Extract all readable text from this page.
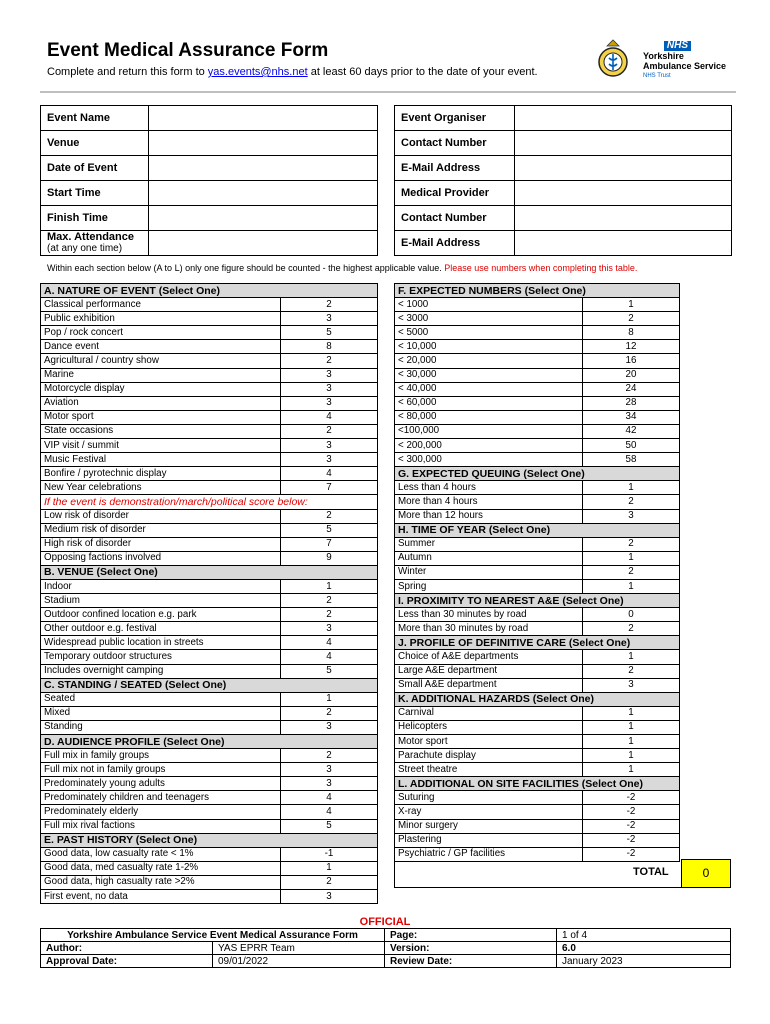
Event Medical Assurance Form
Complete and return this form to yas.events@nhs.net at least 60 days prior to the date of your event.
NHS
Yorkshire
Ambulance Service
NHS Trust
Event Name	
Venue	
Date of Event	
Start Time	
Finish Time	
Max. Attendance
(at any one time)	

Event Organiser	
Contact Number	
E-Mail Address	
Medical Provider	
Contact Number	
E-Mail Address	
Within each section below (A to L) only one figure should be counted - the highest applicable value. Please use numbers when completing this table.
A. NATURE OF EVENT (Select One)	
Classical performance	2
Public exhibition	3
Pop / rock concert	5
Dance event	8
Agricultural / country show	2
Marine	3
Motorcycle display	3
Aviation	3
Motor sport	4
State occasions	2
VIP visit / summit	3
Music Festival	3
Bonfire / pyrotechnic display	4
New Year celebrations	7
If the event is demonstration/march/political score below:	
Low risk of disorder	2
Medium risk of disorder	5
High risk of disorder	7
Opposing factions involved	9
B. VENUE (Select One)	
Indoor	1
Stadium	2
Outdoor confined location e.g. park	2
Other outdoor e.g. festival	3
Widespread public location in streets	4
Temporary outdoor structures	4
Includes overnight camping	5
C. STANDING / SEATED (Select One)	
Seated	1
Mixed	2
Standing	3
D. AUDIENCE PROFILE (Select One)	
Full mix in family groups	2
Full mix not in family groups	3
Predominately young adults	3
Predominately children and teenagers	4
Predominately elderly	4
Full mix rival factions	5
E. PAST HISTORY (Select One)	
Good data, low casualty rate < 1%	-1
Good data, med casualty rate 1-2%	1
Good data, high casualty rate >2%	2
First event, no data	3
F. EXPECTED NUMBERS (Select One)	
< 1000	1
< 3000	2
< 5000	8
< 10,000	12
< 20,000	16
< 30,000	20
< 40,000	24
< 60,000	28
< 80,000	34
<100,000	42
< 200,000	50
< 300,000	58
G. EXPECTED QUEUING (Select One)	
Less than 4 hours	1
More than 4 hours	2
More than 12 hours	3
H. TIME OF YEAR (Select One)	
Summer	2
Autumn	1
Winter	2
Spring	1
I. PROXIMITY TO NEAREST A&E (Select One)	
Less than 30 minutes by road	0
More than 30 minutes by road	2
J. PROFILE OF DEFINITIVE CARE (Select One)	
Choice of A&E departments	1
Large A&E department	2
Small A&E department	3
K. ADDITIONAL HAZARDS (Select One)	
Carnival	1
Helicopters	1
Motor sport	1
Parachute display	1
Street theatre	1
L. ADDITIONAL ON SITE FACILITIES (Select One)	
Suturing	-2
X-ray	-2
Minor surgery	-2
Plastering	-2
Psychiatric / GP facilities	-2
TOTAL	0
OFFICIAL
Yorkshire Ambulance Service Event Medical Assurance Form		Page:	1 of 4
Author:	YAS EPRR Team	Version:	6.0
Approval Date:	09/01/2022	Review Date:	January 2023
